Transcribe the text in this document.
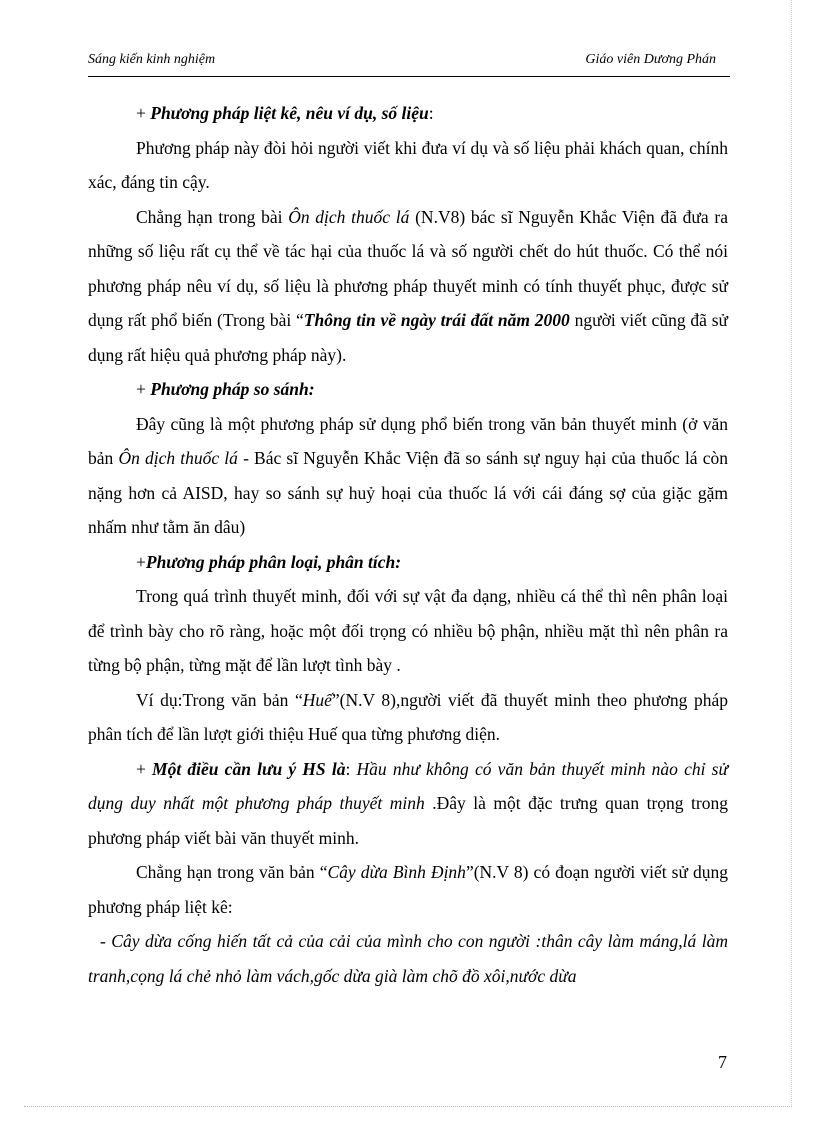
Sáng kiến kinh nghiệm	Giáo viên Dương Phán

+ Phương pháp liệt kê, nêu ví dụ, số liệu:

Phương pháp này đòi hỏi người viết khi đưa ví dụ và số liệu phải khách quan, chính xác, đáng tin cậy.

Chẳng hạn trong bài Ôn dịch thuốc lá (N.V8) bác sĩ Nguyễn Khắc Viện đã đưa ra những số liệu rất cụ thể về tác hại của thuốc lá và số người chết do hút thuốc. Có thể nói phương pháp nêu ví dụ, số liệu là phương pháp thuyết minh có tính thuyết phục, được sử dụng rất phổ biến (Trong bài “Thông tin về ngày trái đất năm 2000 người viết cũng đã sử dụng rất hiệu quả phương pháp này).

+ Phương pháp so sánh:

Đây cũng là một phương pháp sử dụng phổ biến trong văn bản thuyết minh (ở văn bản Ôn dịch thuốc lá - Bác sĩ Nguyễn Khắc Viện đã so sánh sự nguy hại của thuốc lá còn nặng hơn cả AISD, hay so sánh sự huỷ hoại của thuốc lá với cái đáng sợ của giặc gặm nhấm như tằm ăn dâu)

+Phương pháp phân loại, phân tích:

Trong quá trình thuyết minh, đối với sự vật đa dạng, nhiều cá thể thì nên phân loại để trình bày cho rõ ràng, hoặc một đối trọng có nhiều bộ phận, nhiều mặt thì nên phân ra từng bộ phận, từng mặt để lần lượt tình bày .

Ví dụ:Trong văn bản “Huế”(N.V 8),người viết đã thuyết minh theo phương pháp phân tích để lần lượt giới thiệu Huế qua từng phương diện.

+ Một điều cần lưu ý HS là: Hầu như không có văn bản thuyết minh nào chỉ sử dụng duy nhất một phương pháp thuyết minh .Đây là một đặc trưng quan trọng trong phương pháp viết bài văn thuyết minh.

Chẳng hạn trong văn bản “Cây dừa Bình Định”(N.V 8) có đoạn người viết sử dụng phương pháp liệt kê:

- Cây dừa cống hiến tất cả của cải của mình cho con người :thân cây làm máng,lá làm tranh,cọng lá chẻ nhỏ làm vách,gốc dừa già làm chõ đồ xôi,nước dừa

7
